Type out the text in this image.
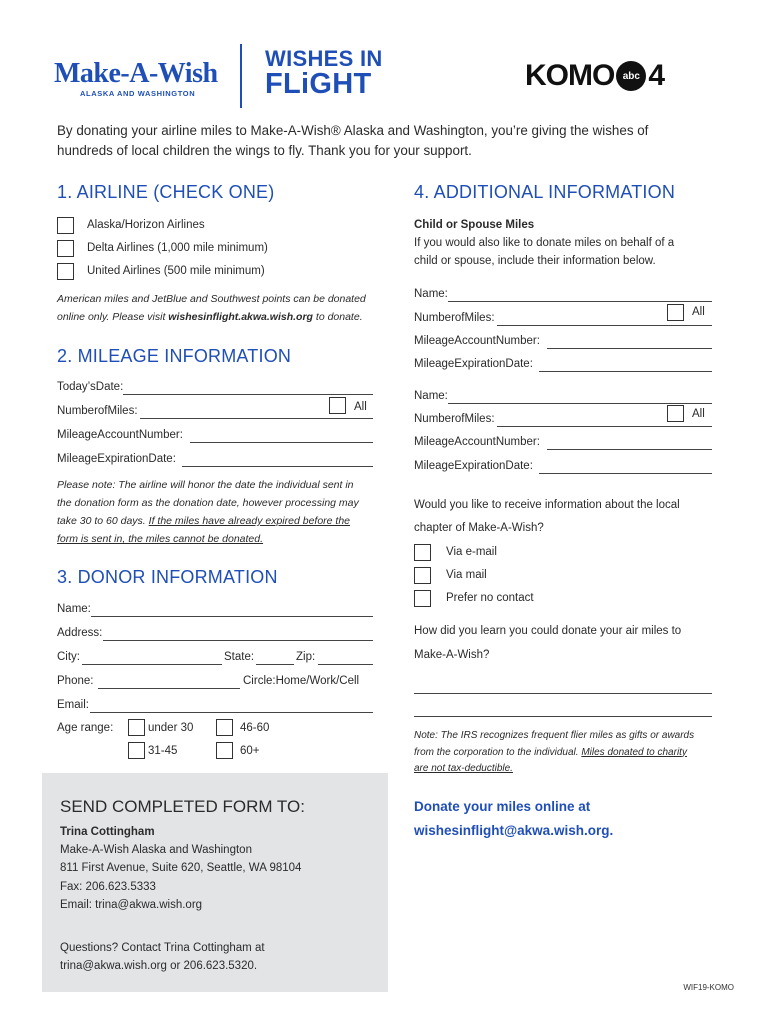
Make-A-Wish
ALASKA AND WASHINGTON
WISHES IN
FLiGHT	KOMO abc 4
By donating your airline miles to Make-A-Wish® Alaska and Washington, you’re giving the wishes of hundreds of local children the wings to fly. Thank you for your support.
1. AIRLINE (CHECK ONE)
Alaska/Horizon Airlines
Delta Airlines (1,000 mile minimum)
United Airlines (500 mile minimum)
American miles and JetBlue and Southwest points can be donated
online only. Please visit wishesinflight.akwa.wish.org to donate.
2. MILEAGE INFORMATION
Today’sDate:
NumberofMiles:	All
MileageAccountNumber:
MileageExpirationDate:
Please note: The airline will honor the date the individual sent in
the donation form as the donation date, however processing may
take 30 to 60 days. If the miles have already expired before the
form is sent in, the miles cannot be donated.
3. DONOR INFORMATION
Name:
Address:
City:	State:	Zip:
Phone:	Circle:Home/Work/Cell
Email:
Age range:	under 30	46-60
31-45	60+
SEND COMPLETED FORM TO:
Trina Cottingham
Make-A-Wish Alaska and Washington
811 First Avenue, Suite 620, Seattle, WA 98104
Fax: 206.623.5333
Email: trina@akwa.wish.org
Questions? Contact Trina Cottingham at
trina@akwa.wish.org or 206.623.5320.
4. ADDITIONAL INFORMATION
Child or Spouse Miles
If you would also like to donate miles on behalf of a
child or spouse, include their information below.
Name:
NumberofMiles:	All
MileageAccountNumber:
MileageExpirationDate:
Name:
NumberofMiles:	All
MileageAccountNumber:
MileageExpirationDate:
Would you like to receive information about the local
chapter of Make-A-Wish?
Via e-mail
Via mail
Prefer no contact
How did you learn you could donate your air miles to
Make-A-Wish?
Note: The IRS recognizes frequent flier miles as gifts or awards
from the corporation to the individual. Miles donated to charity
are not tax-deductible.
Donate your miles online at
wishesinflight@akwa.wish.org.
WIF19-KOMO
